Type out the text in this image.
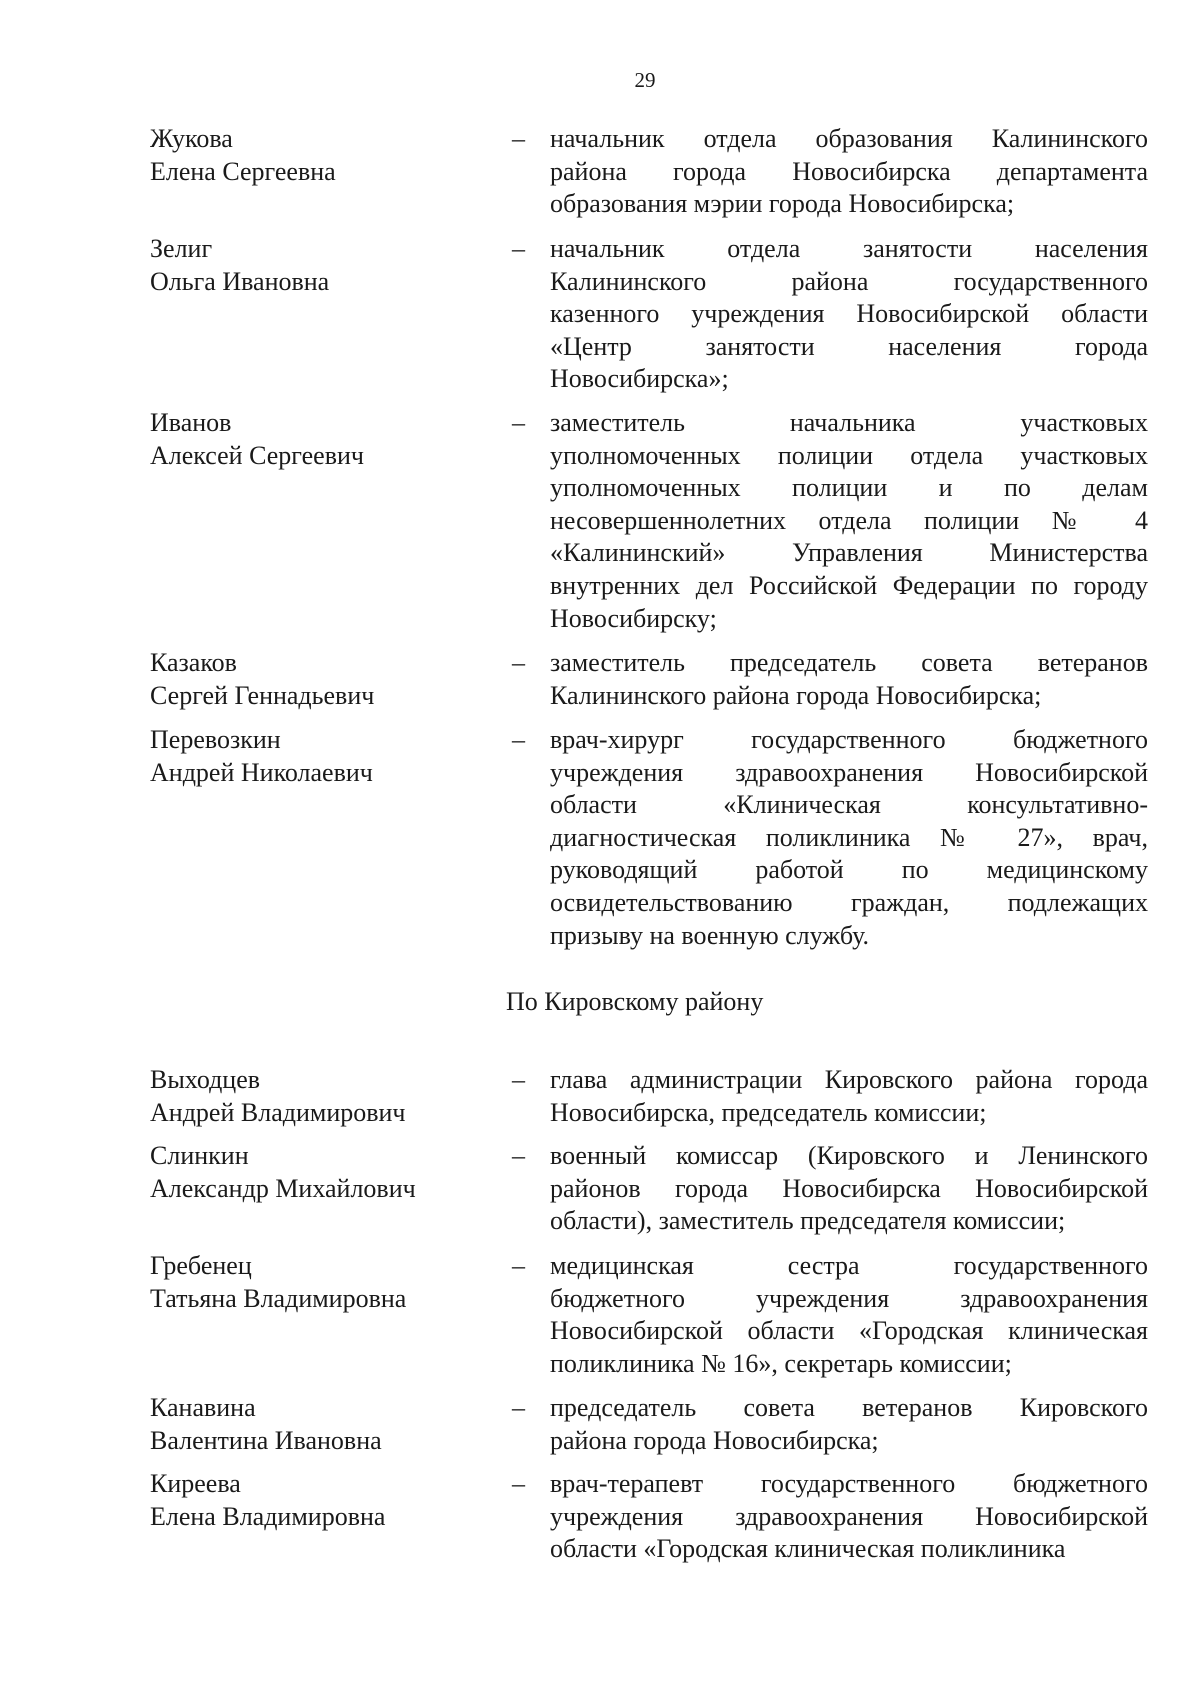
29
Жукова
Елена Сергеевна
– начальник отдела образования Калининского
района города Новосибирска департамента
образования мэрии города Новосибирска;
Зелиг
Ольга Ивановна
– начальник отдела занятости населения
Калининского района государственного
казенного учреждения Новосибирской области
«Центр занятости населения города
Новосибирска»;
Иванов
Алексей Сергеевич
– заместитель начальника участковых
уполномоченных полиции отдела участковых
уполномоченных полиции и по делам
несовершеннолетних отдела полиции № 4
«Калининский» Управления Министерства
внутренних дел Российской Федерации по городу
Новосибирску;
Казаков
Сергей Геннадьевич
– заместитель председатель совета ветеранов
Калининского района города Новосибирска;
Перевозкин
Андрей Николаевич
– врач-хирург государственного бюджетного
учреждения здравоохранения Новосибирской
области «Клиническая консультативно-
диагностическая поликлиника № 27», врач,
руководящий работой по медицинскому
освидетельствованию граждан, подлежащих
призыву на военную службу.
По Кировскому району
Выходцев
Андрей Владимирович
– глава администрации Кировского района города
Новосибирска, председатель комиссии;
Слинкин
Александр Михайлович
– военный комиссар (Кировского и Ленинского
районов города Новосибирска Новосибирской
области), заместитель председателя комиссии;
Гребенец
Татьяна Владимировна
– медицинская сестра государственного
бюджетного учреждения здравоохранения
Новосибирской области «Городская клиническая
поликлиника № 16», секретарь комиссии;
Канавина
Валентина Ивановна
– председатель совета ветеранов Кировского
района города Новосибирска;
Киреева
Елена Владимировна
– врач-терапевт государственного бюджетного
учреждения здравоохранения Новосибирской
области «Городская клиническая поликлиника
